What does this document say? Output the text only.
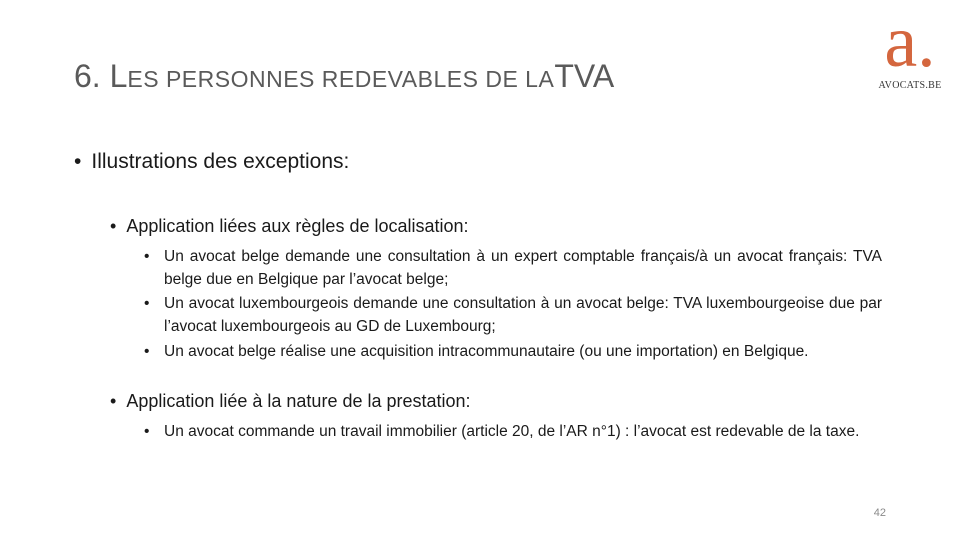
6. LES PERSONNES REDEVABLES DE LATVA	a.
AVOCATS.BE
• Illustrations des exceptions:
• Application liées aux règles de localisation:
• Un avocat belge demande une consultation à un expert comptable français/à un avocat français: TVA belge due en Belgique par l’avocat belge;
• Un avocat luxembourgeois demande une consultation à un avocat belge: TVA luxembourgeoise due par l’avocat luxembourgeois au GD de Luxembourg;
• Un avocat belge réalise une acquisition intracommunautaire (ou une importation) en Belgique.
• Application liée à la nature de la prestation:
• Un avocat commande un travail immobilier (article 20, de l’AR n°1) : l’avocat est redevable de la taxe.
42
